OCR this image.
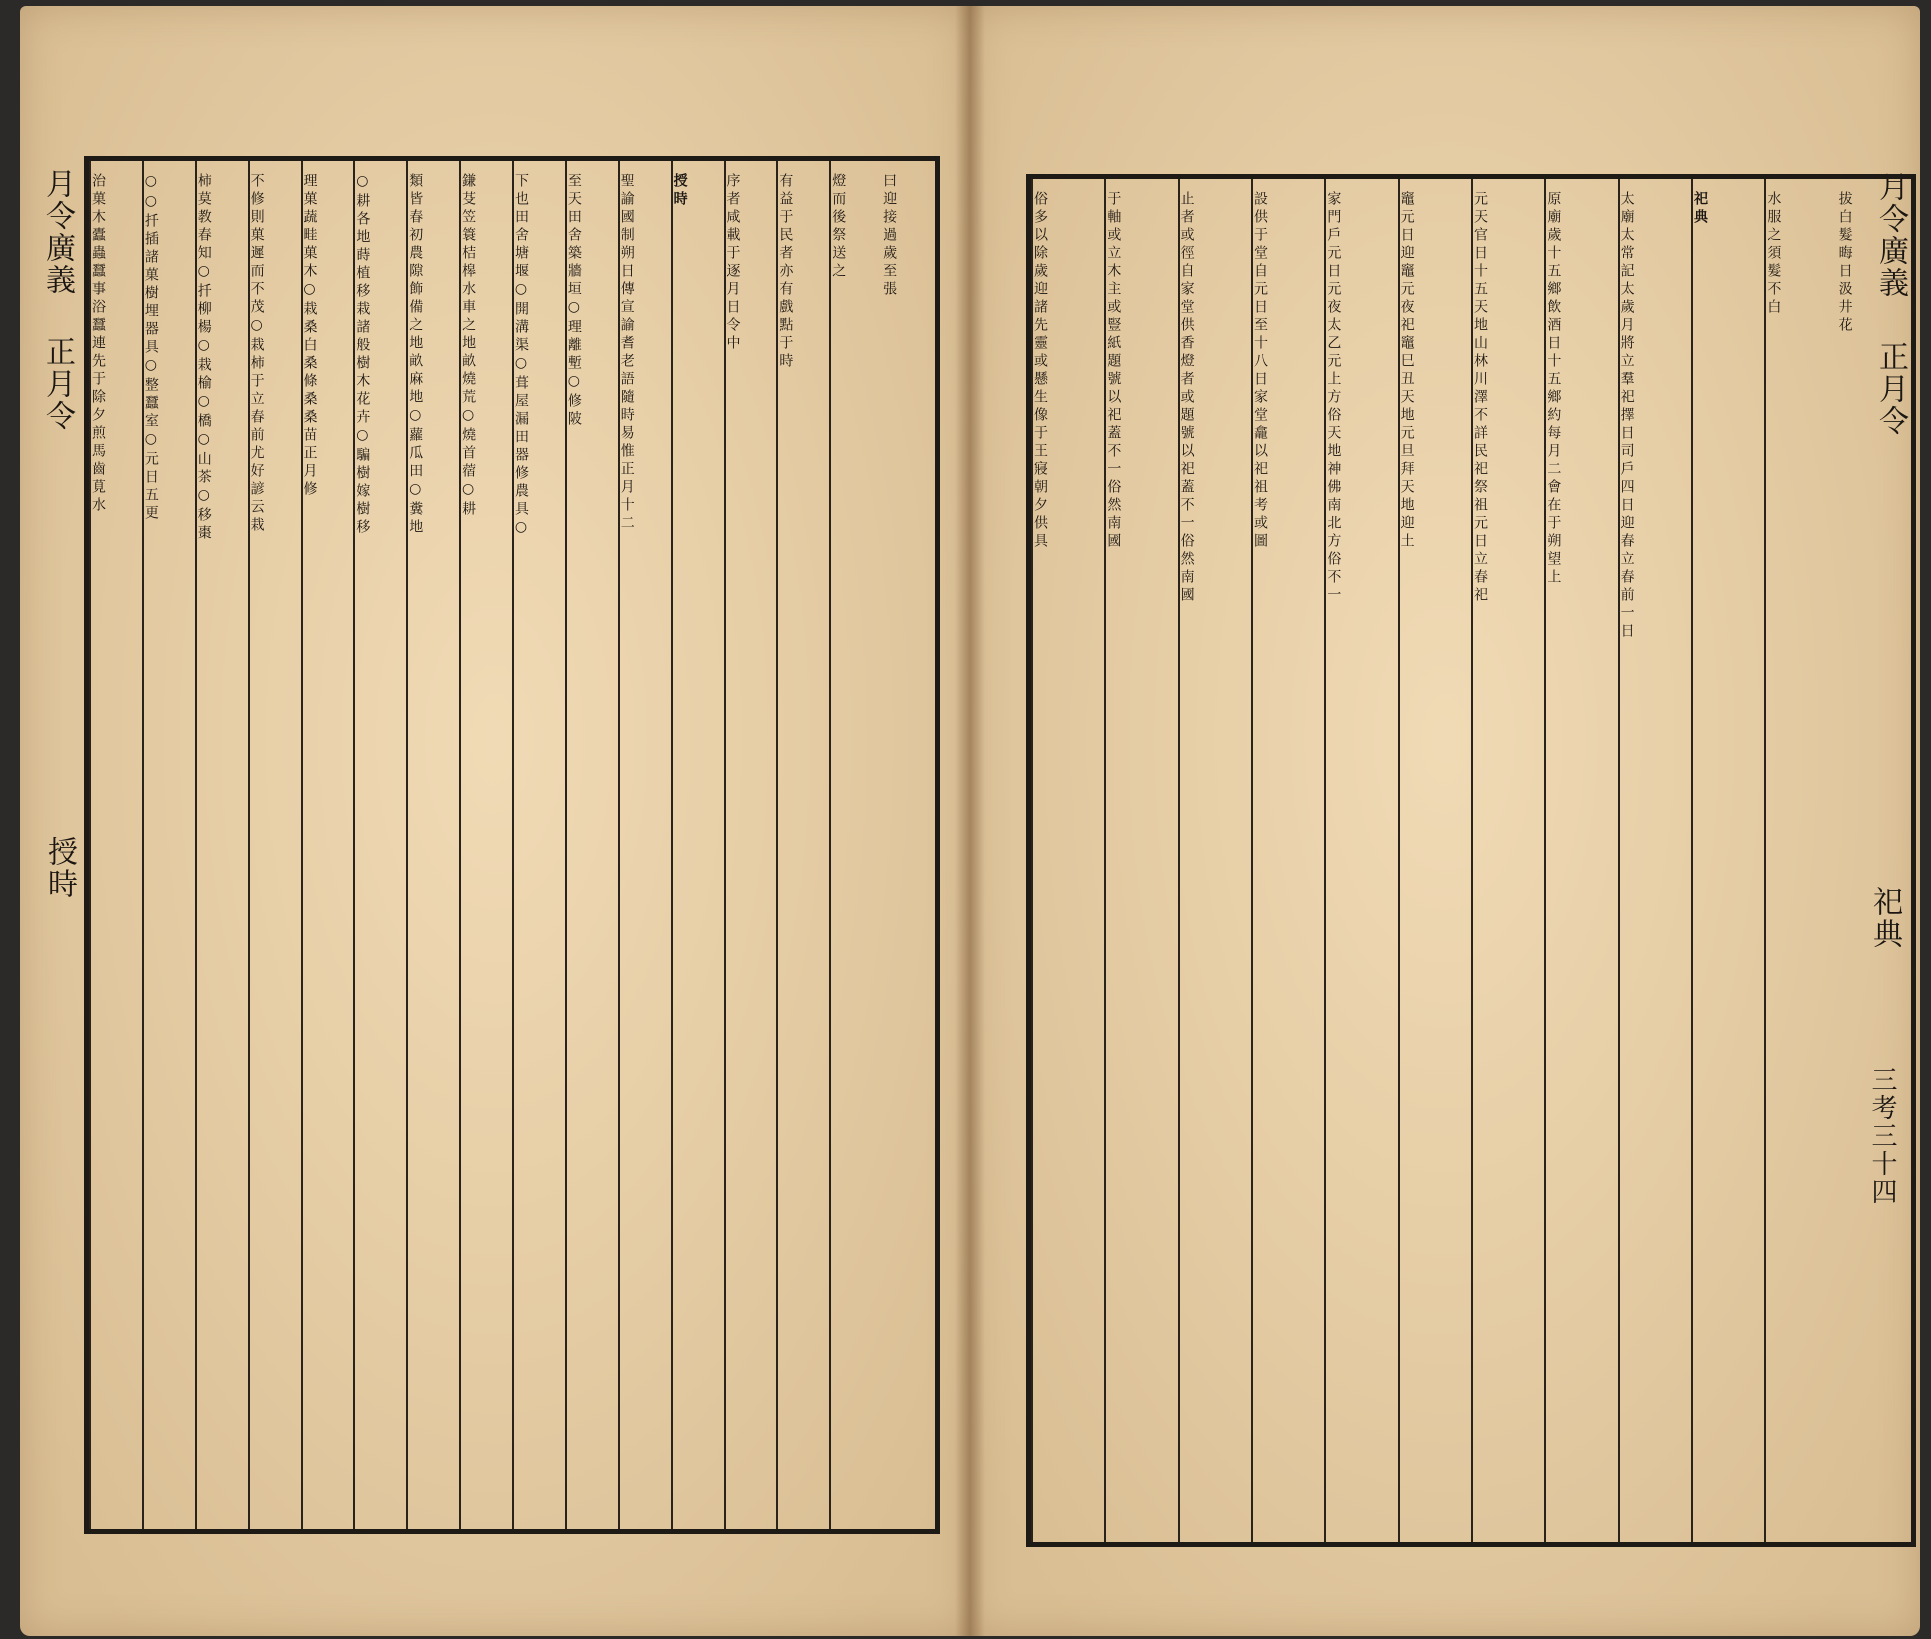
月令廣義
正月令
授時
曰迎接過歲至張
燈而後祭送之
有益于民者亦有戲點于時
序者咸載于逐月日令中
授時
聖諭國制朔日傳宣諭耆老語隨時易惟正月十二
至天田舍築牆垣○理離塹○修陂
下也田舍塘堰○開溝渠○葺屋漏田器修農具○
鎌芟笠簑桔槔水車之地畝燒荒○燒首蓿○耕
類皆春初農隙飾備之地畝麻地○蘿瓜田○糞地
○耕各地蒔植移栽諸般樹木花卉○騙樹嫁樹移
理菓蔬畦菓木○栽桑白桑條桑桑苗正月修
不修則菓遲而不茂○栽柿于立春前尤好諺云栽
柿莫教春知○扦柳楊○栽榆○橋○山茶○移棗
○○扦插諸菓樹埋器具○整蠶室○元日五更
治菓木蠹蟲蠶事浴蠶連先于除夕煎馬齒莧水	月令廣義
正月令
祀典
三考三十四
拔白髮晦日汲井花
水服之須髮不白
祀典
太廟太常記太歲月將立羣祀擇日司戶四日迎春立春前一日
原廟歲十五鄉飲酒日十五鄉約每月二會在于朔望上
元天官日十五天地山林川澤不詳民祀祭祖元日立春祀
竈元日迎竈元夜祀竈巳丑天地元旦拜天地迎土
家門戶元日元夜太乙元上方俗天地神佛南北方俗不一
設供于堂自元日至十八日家堂龕以祀祖考或圖
止者或徑自家堂供香燈者或題號以祀蓋不一俗然南國
于軸或立木主或豎紙題號以祀蓋不一俗然南國
俗多以除歲迎諸先靈或懸生像于王寢朝夕供具
